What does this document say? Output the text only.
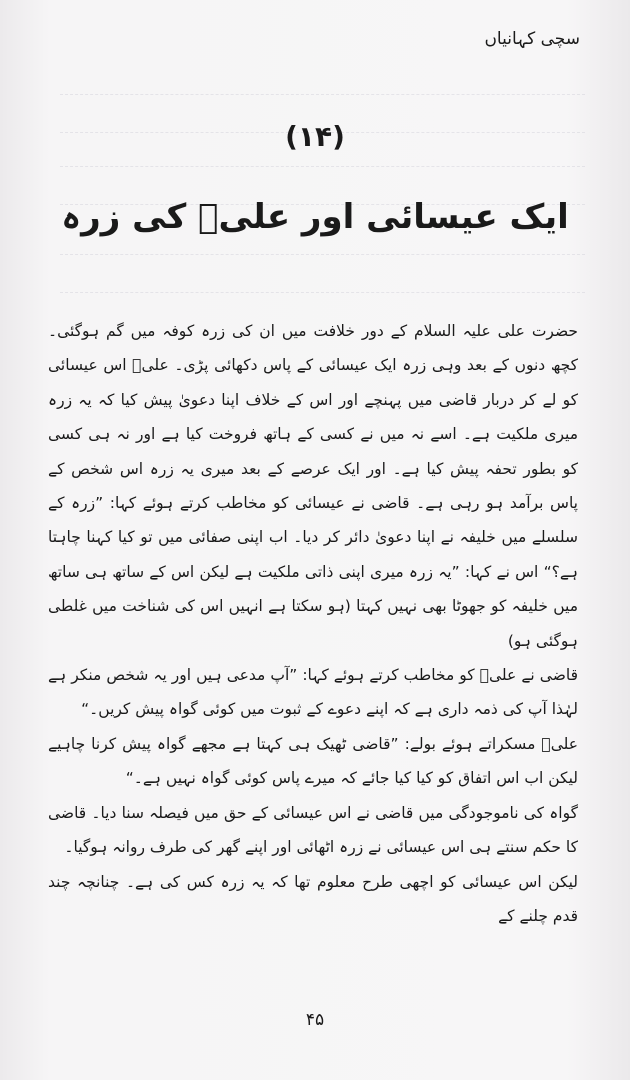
سچی کہانیاں
(۱۴)
ایک عیسائی اور علیؑ کی زرہ

حضرت علی علیہ السلام کے دور خلافت میں ان کی زرہ کوفہ میں گم ہوگئی۔ کچھ دنوں کے بعد وہی زرہ ایک عیسائی کے پاس دکھائی پڑی۔ علیؑ اس عیسائی کو لے کر دربار قاضی میں پہنچے اور اس کے خلاف اپنا دعویٰ پیش کیا کہ یہ زرہ میری ملکیت ہے۔ اسے نہ میں نے کسی کے ہاتھ فروخت کیا ہے اور نہ ہی کسی کو بطور تحفہ پیش کیا ہے۔ اور ایک عرصے کے بعد میری یہ زرہ اس شخص کے پاس برآمد ہو رہی ہے۔ قاضی نے عیسائی کو مخاطب کرتے ہوئے کہا: ”زرہ کے سلسلے میں خلیفہ نے اپنا دعویٰ دائر کر دیا۔ اب اپنی صفائی میں تو کیا کہنا چاہتا ہے؟“ اس نے کہا: ”یہ زرہ میری اپنی ذاتی ملکیت ہے لیکن اس کے ساتھ ہی ساتھ میں خلیفہ کو جھوٹا بھی نہیں کہتا (ہو سکتا ہے انہیں اس کی شناخت میں غلطی ہوگئی ہو)

قاضی نے علیؑ کو مخاطب کرتے ہوئے کہا: ”آپ مدعی ہیں اور یہ شخص منکر ہے لہٰذا آپ کی ذمہ داری ہے کہ اپنے دعوے کے ثبوت میں کوئی گواہ پیش کریں۔“

علیؑ مسکراتے ہوئے بولے: ”قاضی ٹھیک ہی کہتا ہے مجھے گواہ پیش کرنا چاہیے لیکن اب اس اتفاق کو کیا کیا جائے کہ میرے پاس کوئی گواہ نہیں ہے۔“

گواہ کی ناموجودگی میں قاضی نے اس عیسائی کے حق میں فیصلہ سنا دیا۔ قاضی کا حکم سنتے ہی اس عیسائی نے زرہ اٹھائی اور اپنے گھر کی طرف روانہ ہوگیا۔

لیکن اس عیسائی کو اچھی طرح معلوم تھا کہ یہ زرہ کس کی ہے۔ چنانچہ چند قدم چلنے کے

۴۵
